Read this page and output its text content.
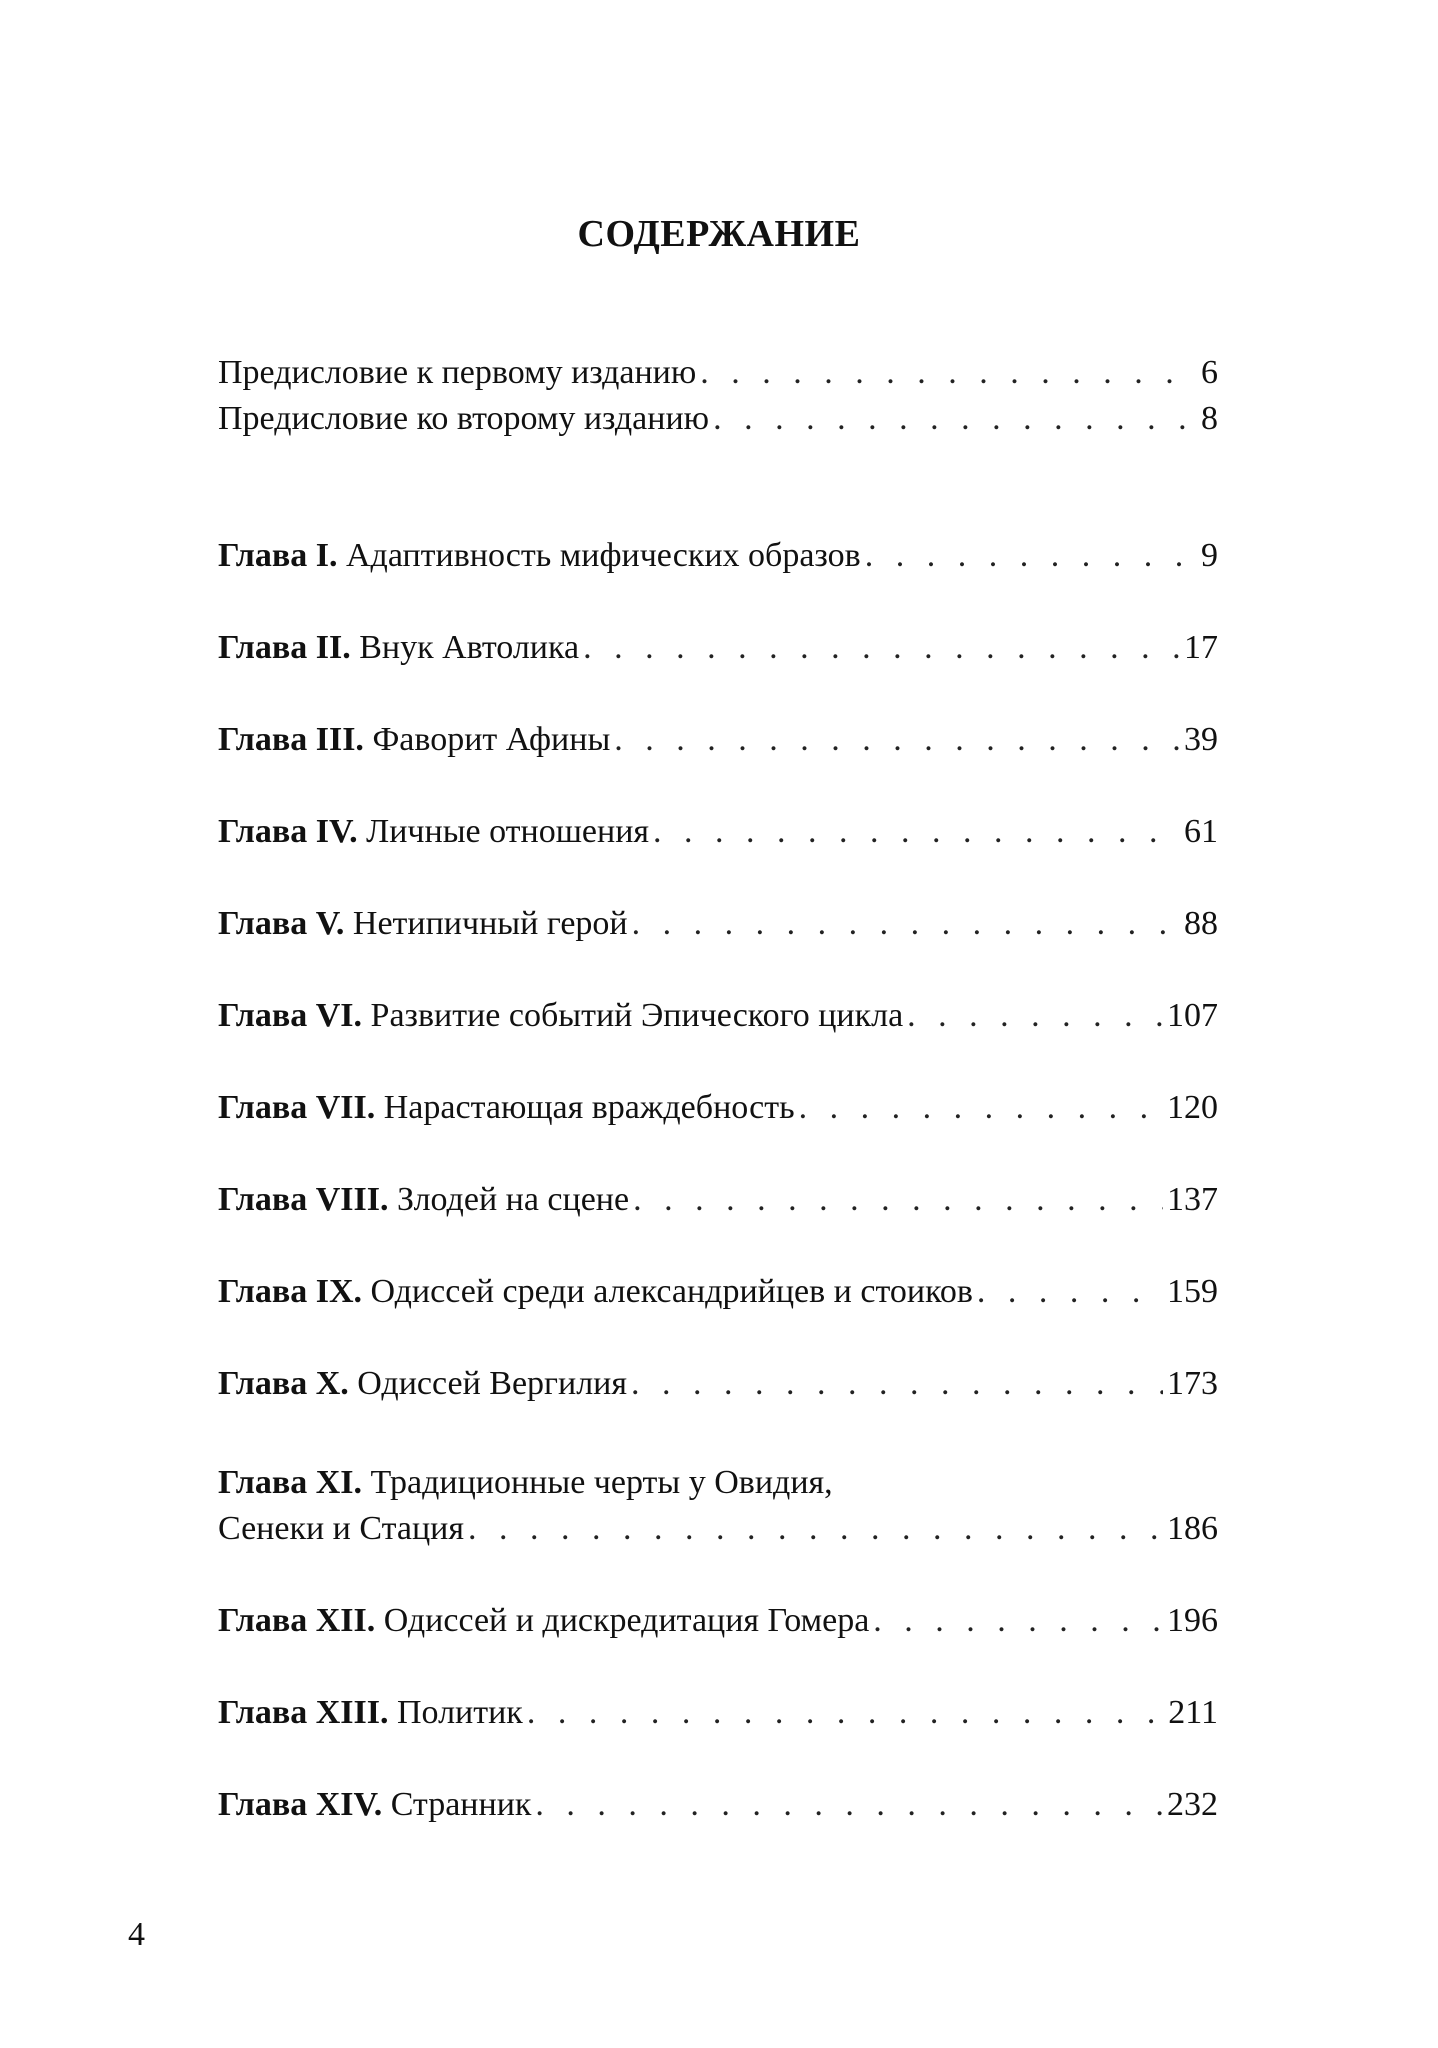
СОДЕРЖАНИЕ
Предисловие к первому изданию . . .	6
Предисловие ко второму изданию . . .	8
Глава I. Адаптивность мифических образов . . .	9
Глава II. Внук Автолика . . .	17
Глава III. Фаворит Афины . . .	39
Глава IV. Личные отношения . . .	61
Глава V. Нетипичный герой . . .	88
Глава VI. Развитие событий Эпического цикла . . .	107
Глава VII. Нарастающая враждебность . . .	120
Глава VIII. Злодей на сцене . . .	137
Глава IX. Одиссей среди александрийцев и стоиков . . .	159
Глава X. Одиссей Вергилия . . .	173
Глава XI. Традиционные черты у Овидия,
Сенеки и Стация . . .	186
Глава XII. Одиссей и дискредитация Гомера . . .	196
Глава XIII. Политик . . .	211
Глава XIV. Странник . . .	232
4
